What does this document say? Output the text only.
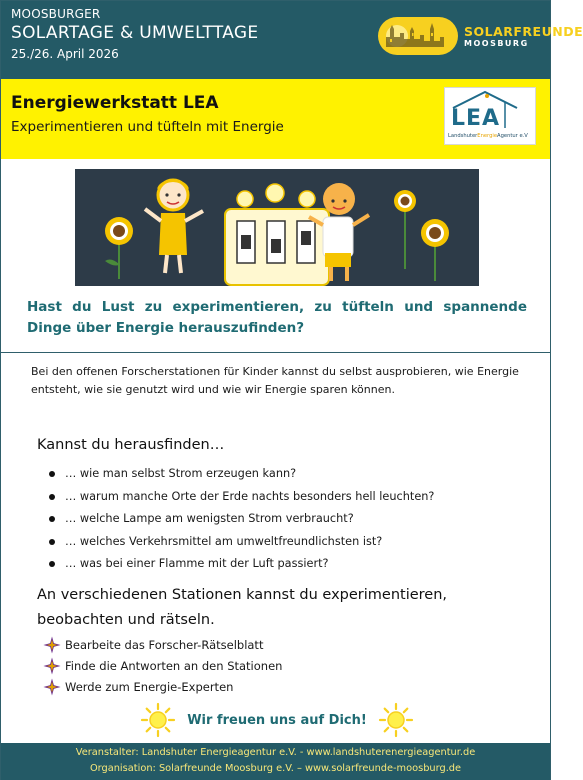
MOOSBURGER
SOLARTAGE & UMWELTTAGE
25./26. April 2026
SOLARFREUNDE
MOOSBURG
Energiewerkstatt LEA
Experimentieren und tüfteln mit Energie	LEA
LandshuterEnergieAgentur e.V
Hast du Lust zu experimentieren, zu tüfteln und spannende Dinge über Energie herauszufinden?
Bei den offenen Forscherstationen für Kinder kannst du selbst ausprobieren, wie Energie entsteht, wie sie genutzt wird und wie wir Energie sparen können.
Kannst du herausfinden…
… wie man selbst Strom erzeugen kann?
… warum manche Orte der Erde nachts besonders hell leuchten?
… welche Lampe am wenigsten Strom verbraucht?
… welches Verkehrsmittel am umweltfreundlichsten ist?
… was bei einer Flamme mit der Luft passiert?
An verschiedenen Stationen kannst du experimentieren, beobachten und rätseln.
Bearbeite das Forscher-Rätselblatt
Finde die Antworten an den Stationen
Werde zum Energie-Experten
Wir freuen uns auf Dich!
Veranstalter: Landshuter Energieagentur e.V. - www.landshuterenergieagentur.de
Organisation: Solarfreunde Moosburg e.V. – www.solarfreunde-moosburg.de
